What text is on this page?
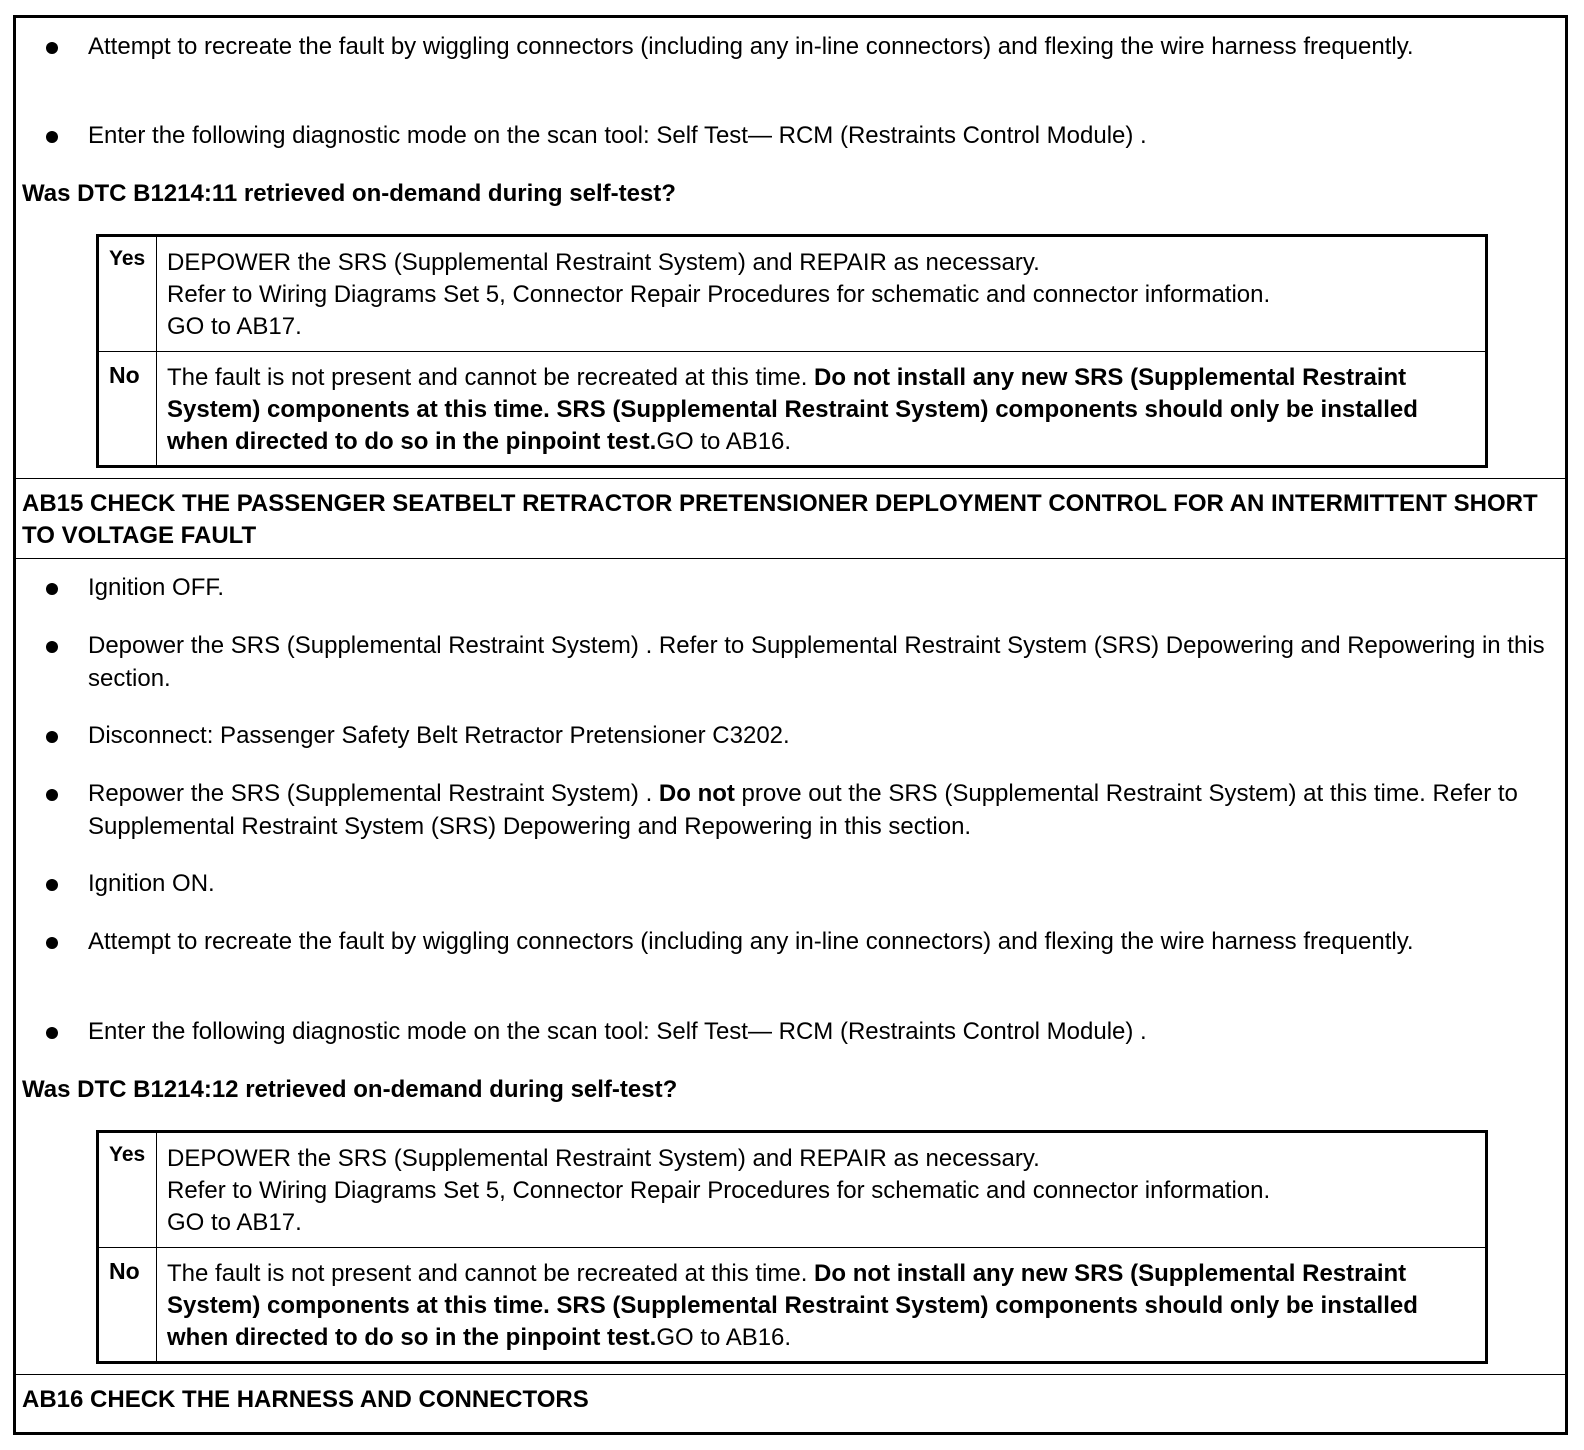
Attempt to recreate the fault by wiggling connectors (including any in-line connectors) and flexing the wire harness frequently.
Enter the following diagnostic mode on the scan tool: Self Test— RCM (Restraints Control Module) .
Was DTC B1214:11 retrieved on-demand during self-test?
Yes DEPOWER the SRS (Supplemental Restraint System) and REPAIR as necessary.
Refer to Wiring Diagrams Set 5, Connector Repair Procedures for schematic and connector information.
GO to AB17.
No	The fault is not present and cannot be recreated at this time. Do not install any new SRS (Supplemental Restraint System) components at this time. SRS (Supplemental Restraint System) components should only be installed when directed to do so in the pinpoint test.GO to AB16.
AB15 CHECK THE PASSENGER SEATBELT RETRACTOR PRETENSIONER DEPLOYMENT CONTROL FOR AN INTERMITTENT SHORT TO VOLTAGE FAULT
Ignition OFF.
Depower the SRS (Supplemental Restraint System) . Refer to Supplemental Restraint System (SRS) Depowering and Repowering in this section.
Disconnect: Passenger Safety Belt Retractor Pretensioner C3202.
Repower the SRS (Supplemental Restraint System) . Do not prove out the SRS (Supplemental Restraint System) at this time. Refer to Supplemental Restraint System (SRS) Depowering and Repowering in this section.
Ignition ON.
Attempt to recreate the fault by wiggling connectors (including any in-line connectors) and flexing the wire harness frequently.
Enter the following diagnostic mode on the scan tool: Self Test— RCM (Restraints Control Module) .
Was DTC B1214:12 retrieved on-demand during self-test?
Yes DEPOWER the SRS (Supplemental Restraint System) and REPAIR as necessary.
Refer to Wiring Diagrams Set 5, Connector Repair Procedures for schematic and connector information.
GO to AB17.
No	The fault is not present and cannot be recreated at this time. Do not install any new SRS (Supplemental Restraint System) components at this time. SRS (Supplemental Restraint System) components should only be installed when directed to do so in the pinpoint test.GO to AB16.
AB16 CHECK THE HARNESS AND CONNECTORS
